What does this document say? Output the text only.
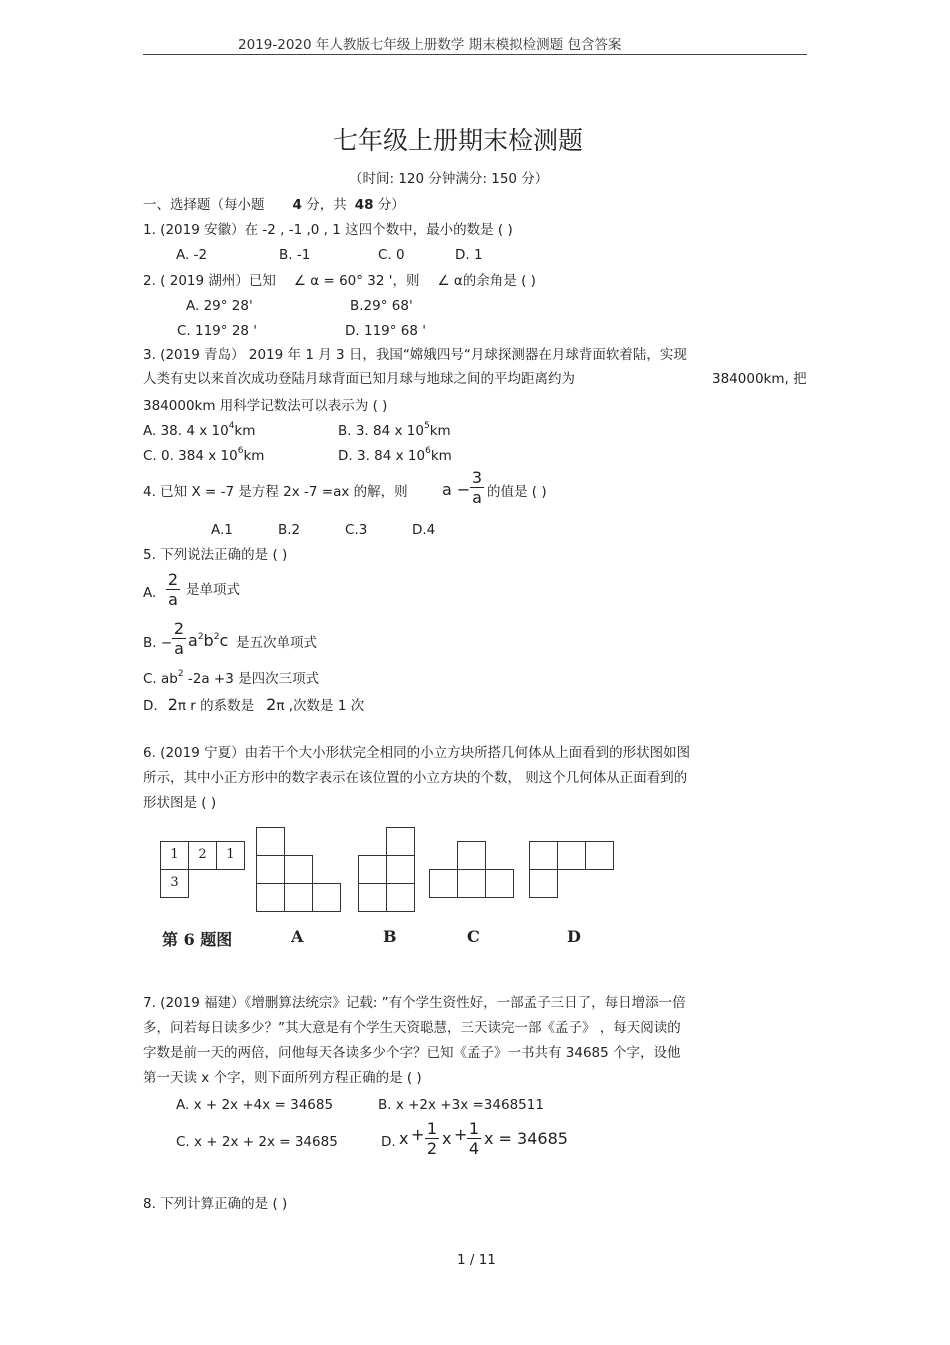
2019-2020 年人教版七年级上册数学 期末模拟检测题 包含答案
七年级上册期末检测题
（时间: 120 分钟满分: 150 分）
一、选择题（每小题 4 分，共 48 分）
1. (2019 安徽）在 -2 , -1 ,0 , 1 这四个数中，最小的数是 ( )
A. -2	B. -1	C. 0	D. 1
2. ( 2019 湖州）已知 ∠ α = 60° 32 '，则 ∠ α的余角是 ( )
A. 29° 28'	B.29° 68'
C. 119° 28 '	D. 119° 68 '
3. (2019 青岛） 2019 年 1 月 3 日，我国“嫦娥四号“月球探测器在月球背面软着陆，实现
人类有史以来首次成功登陆月球背面已知月球与地球之间的平均距离约为	384000km, 把
384000km 用科学记数法可以表示为 ( )
A. 38. 4 x $10^4km$	B. 3. 84 x $10^5km$
C. 0. 384 x $10^6km$	D. 3. 84 x $10^6km$
4. 已知 X = -7 是方程 2x -7 =ax 的解，则 a −
3
a 的值是 ( )
A.1	B.2	C.3	D.4
5. 下列说法正确的是 ( )
A.
2
a 是单项式
B. −
2
a $a^2b^2c$ 是五次单项式
C. $ab^2$ -2a +3 是四次三项式
D. 2π r 的系数是 2π ,次数是 1 次
6. (2019 宁夏）由若干个大小形状完全相同的小立方块所搭几何体从上面看到的形状图如图
所示，其中小正方形中的数字表示在该位置的小立方块的个数， 则这个几何体从正面看到的
形状图是 ( )
1	2	1
3
第 6 题图	A	B	C	D
7. (2019 福建）《增删算法统宗》记载: ”有个学生资性好，一部孟子三日了，每日增添一倍
多，问若每日读多少？”其大意是有个学生天资聪慧，三天读完一部《孟子》 ，每天阅读的
字数是前一天的两倍，问他每天各读多少个字？已知《孟子》一书共有 34685 个字，设他
第一天读 x 个字，则下面所列方程正确的是 ( )
A. x + 2x +4x = 34685	B. x +2x +3x =3468511
C. x + 2x + 2x = 34685	D. x + 1
2
x + 1
4
x = 34685
8. 下列计算正确的是 ( )
1 / 11
